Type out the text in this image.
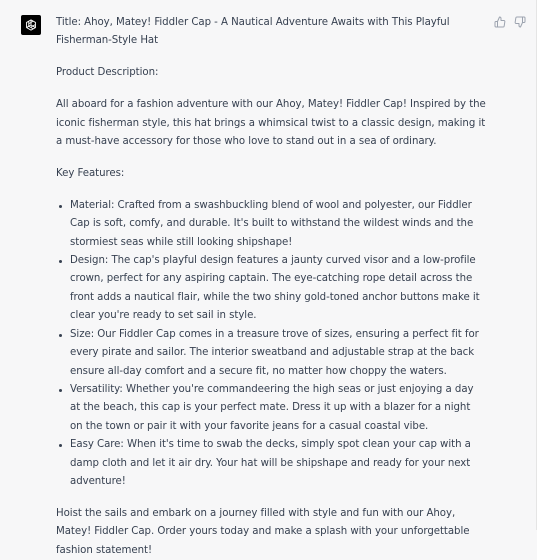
Title: Ahoy, Matey! Fiddler Cap - A Nautical Adventure Awaits with This Playful Fisherman-Style Hat

Product Description:

All aboard for a fashion adventure with our Ahoy, Matey! Fiddler Cap! Inspired by the iconic fisherman style, this hat brings a whimsical twist to a classic design, making it a must-have accessory for those who love to stand out in a sea of ordinary.

Key Features:

Material: Crafted from a swashbuckling blend of wool and polyester, our Fiddler Cap is soft, comfy, and durable. It's built to withstand the wildest winds and the stormiest seas while still looking shipshape!
Design: The cap's playful design features a jaunty curved visor and a low-profile crown, perfect for any aspiring captain. The eye-catching rope detail across the front adds a nautical flair, while the two shiny gold-toned anchor buttons make it clear you're ready to set sail in style.
Size: Our Fiddler Cap comes in a treasure trove of sizes, ensuring a perfect fit for every pirate and sailor. The interior sweatband and adjustable strap at the back ensure all-day comfort and a secure fit, no matter how choppy the waters.
Versatility: Whether you're commandeering the high seas or just enjoying a day at the beach, this cap is your perfect mate. Dress it up with a blazer for a night on the town or pair it with your favorite jeans for a casual coastal vibe.
Easy Care: When it's time to swab the decks, simply spot clean your cap with a damp cloth and let it air dry. Your hat will be shipshape and ready for your next adventure!

Hoist the sails and embark on a journey filled with style and fun with our Ahoy, Matey! Fiddler Cap. Order yours today and make a splash with your unforgettable fashion statement!
